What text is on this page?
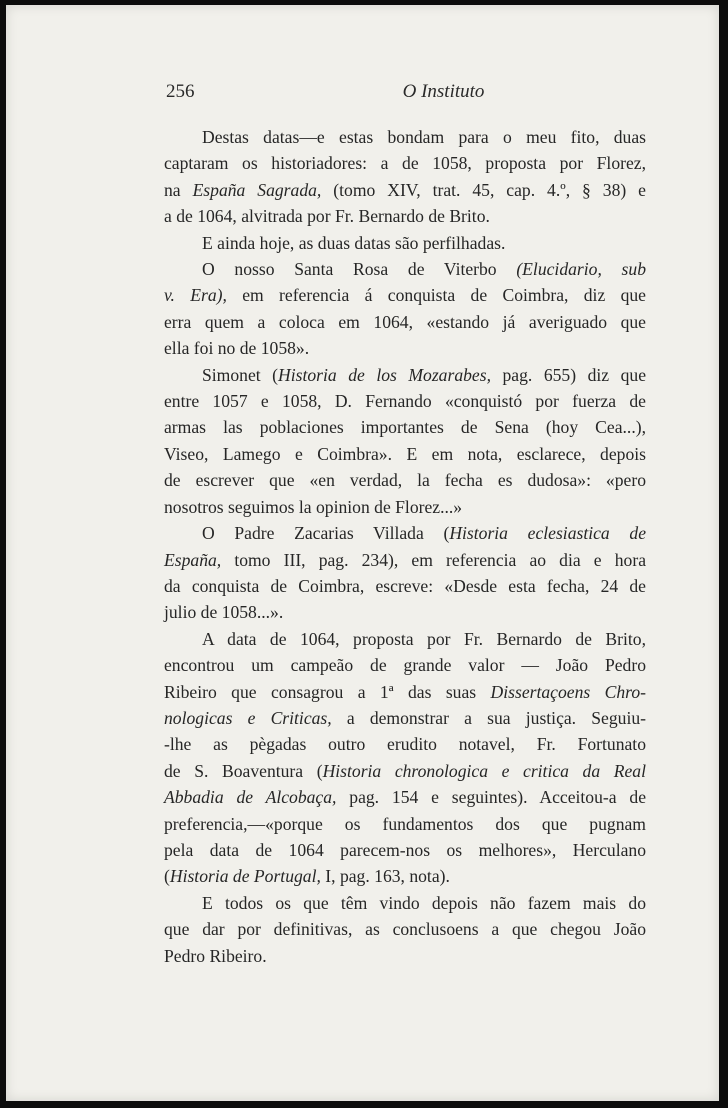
256	O Instituto
Destas datas—e estas bondam para o meu fito, duas
captaram os historiadores: a de 1058, proposta por Florez,
na España Sagrada, (tomo XIV, trat. 45, cap. 4.º, § 38) e
a de 1064, alvitrada por Fr. Bernardo de Brito.
E ainda hoje, as duas datas são perfilhadas.
O nosso Santa Rosa de Viterbo (Elucidario, sub
v. Era), em referencia á conquista de Coimbra, diz que
erra quem a coloca em 1064, «estando já averiguado que
ella foi no de 1058».
Simonet (Historia de los Mozarabes, pag. 655) diz que
entre 1057 e 1058, D. Fernando «conquistó por fuerza de
armas las poblaciones importantes de Sena (hoy Cea...),
Viseo, Lamego e Coimbra». E em nota, esclarece, depois
de escrever que «en verdad, la fecha es dudosa»: «pero
nosotros seguimos la opinion de Florez...»
O Padre Zacarias Villada (Historia eclesiastica de
España, tomo III, pag. 234), em referencia ao dia e hora
da conquista de Coimbra, escreve: «Desde esta fecha, 24 de
julio de 1058...».
A data de 1064, proposta por Fr. Bernardo de Brito,
encontrou um campeão de grande valor — João Pedro
Ribeiro que consagrou a 1ª das suas Dissertaçoens Chro-
nologicas e Criticas, a demonstrar a sua justiça. Seguiu-
-lhe as pègadas outro erudito notavel, Fr. Fortunato
de S. Boaventura (Historia chronologica e critica da Real
Abbadia de Alcobaça, pag. 154 e seguintes). Acceitou-a de
preferencia,—«porque os fundamentos dos que pugnam
pela data de 1064 parecem-nos os melhores», Herculano
(Historia de Portugal, I, pag. 163, nota).
E todos os que têm vindo depois não fazem mais do
que dar por definitivas, as conclusoens a que chegou João
Pedro Ribeiro.
